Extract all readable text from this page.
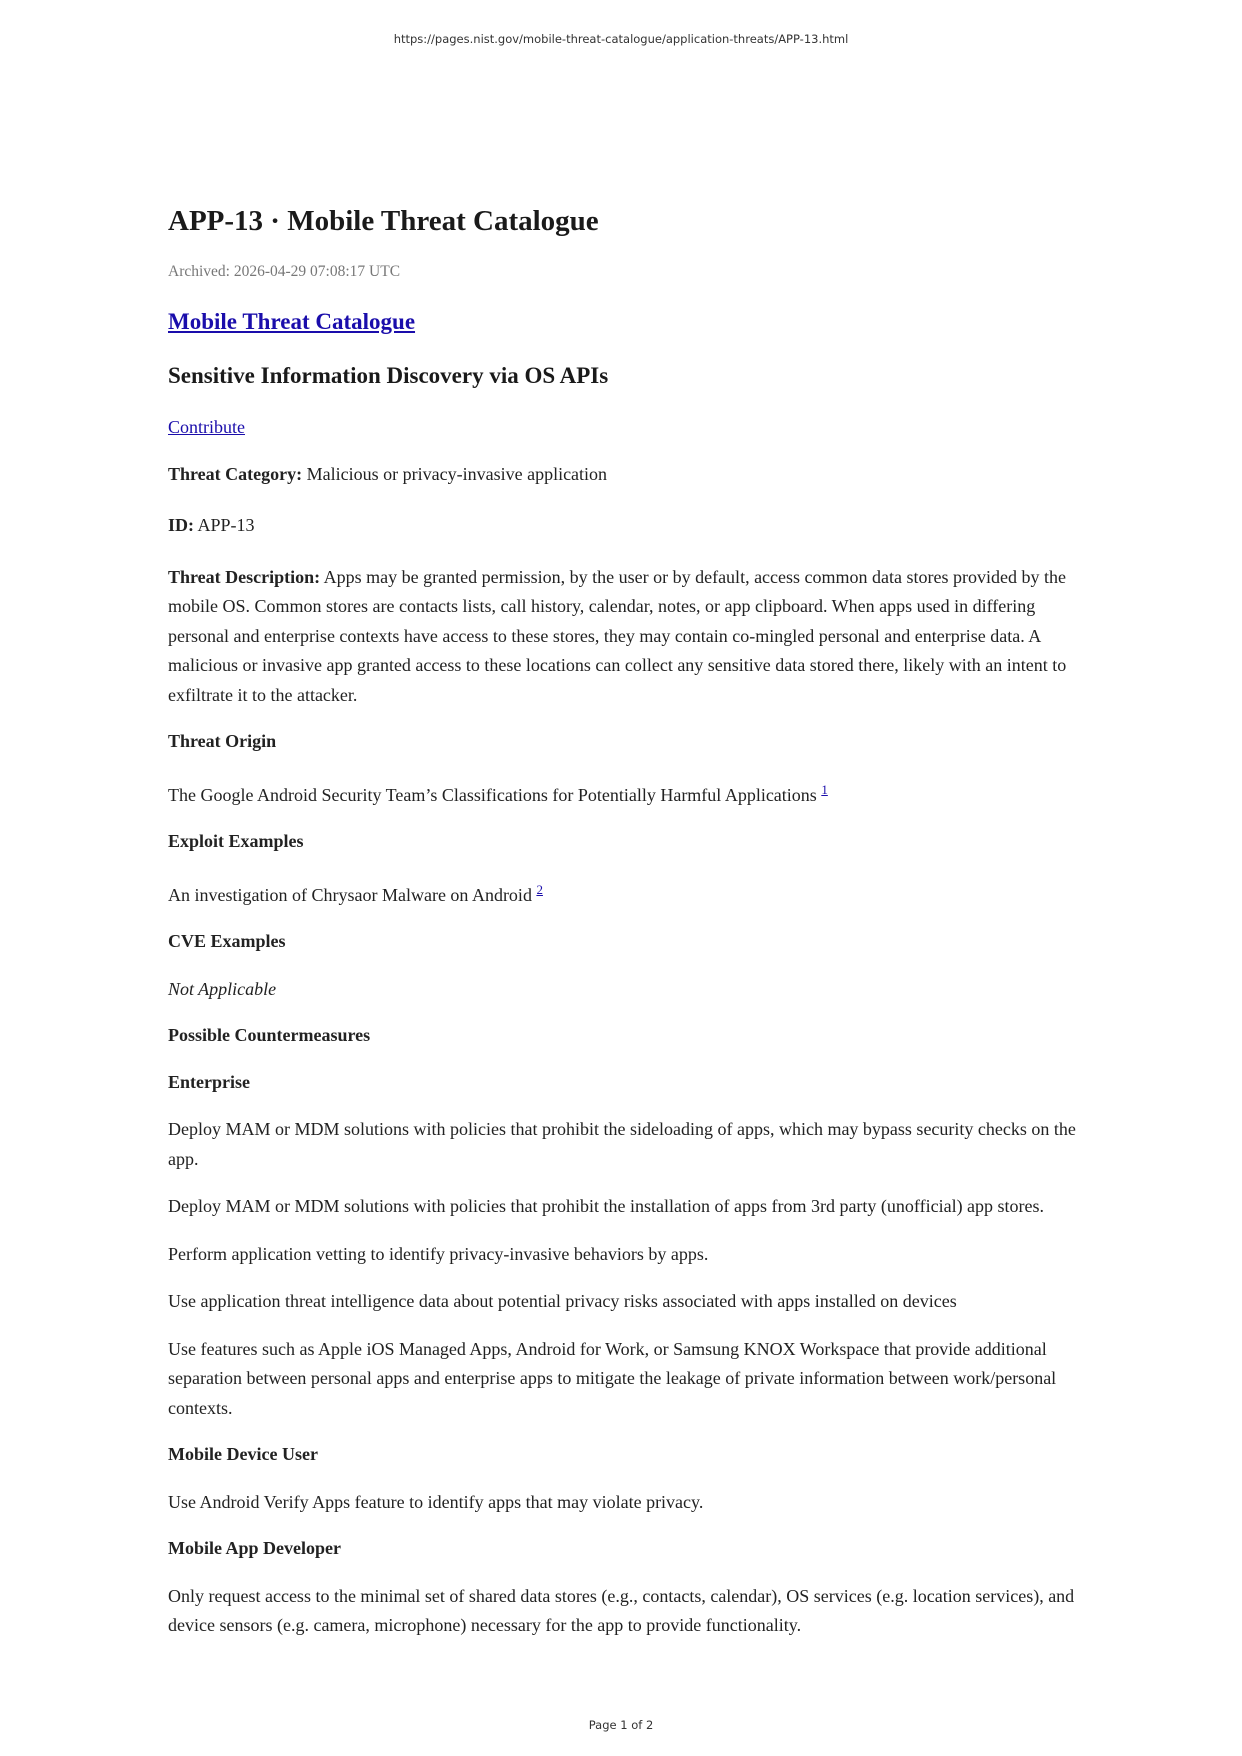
https://pages.nist.gov/mobile-threat-catalogue/application-threats/APP-13.html
APP-13 · Mobile Threat Catalogue
Archived: 2026-04-29 07:08:17 UTC
Mobile Threat Catalogue
Sensitive Information Discovery via OS APIs
Contribute

Threat Category: Malicious or privacy-invasive application

ID: APP-13

Threat Description: Apps may be granted permission, by the user or by default, access common data stores provided by the mobile OS. Common stores are contacts lists, call history, calendar, notes, or app clipboard. When apps used in differing personal and enterprise contexts have access to these stores, they may contain co-mingled personal and enterprise data. A malicious or invasive app granted access to these locations can collect any sensitive data stored there, likely with an intent to exfiltrate it to the attacker.

Threat Origin

The Google Android Security Team’s Classifications for Potentially Harmful Applications $^1$

Exploit Examples

An investigation of Chrysaor Malware on Android $^2$

CVE Examples

Not Applicable

Possible Countermeasures
Enterprise

Deploy MAM or MDM solutions with policies that prohibit the sideloading of apps, which may bypass security checks on the app.

Deploy MAM or MDM solutions with policies that prohibit the installation of apps from 3rd party (unofficial) app stores.

Perform application vetting to identify privacy-invasive behaviors by apps.

Use application threat intelligence data about potential privacy risks associated with apps installed on devices

Use features such as Apple iOS Managed Apps, Android for Work, or Samsung KNOX Workspace that provide additional separation between personal apps and enterprise apps to mitigate the leakage of private information between work/personal contexts.

Mobile Device User

Use Android Verify Apps feature to identify apps that may violate privacy.

Mobile App Developer

Only request access to the minimal set of shared data stores (e.g., contacts, calendar), OS services (e.g. location services), and device sensors (e.g. camera, microphone) necessary for the app to provide functionality.

Page 1 of 2
